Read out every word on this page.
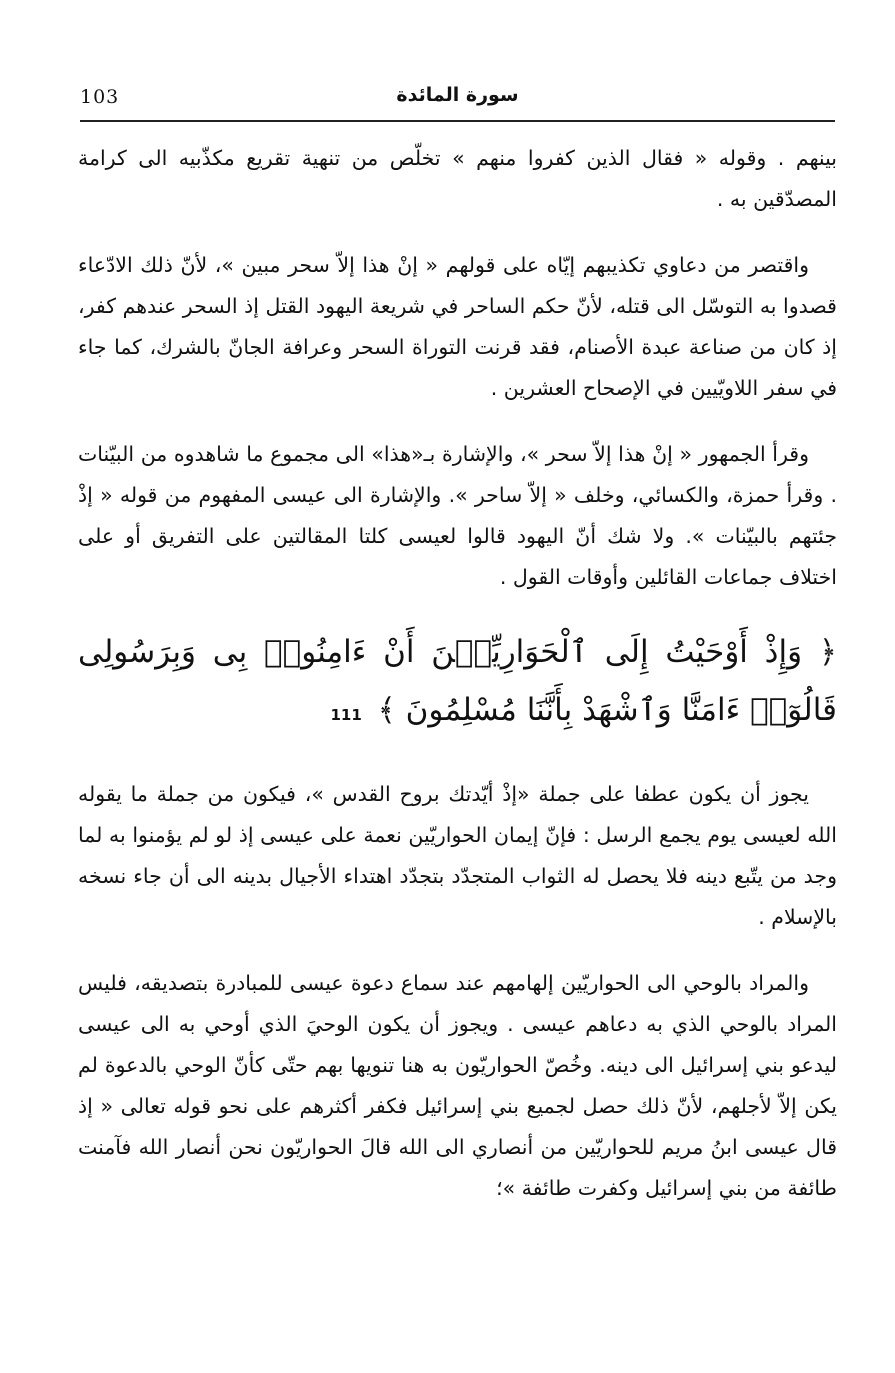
103	سورة المائدة

بينهم . وقوله « فقال الذين كفروا منهم » تخلّص من تنهية تقريع مكذّبيه الى كرامة المصدّقين به .

واقتصر من دعاوي تكذيبهم إيّاه على قولهم « إنْ هذا إلاّ سحر مبين »، لأنّ ذلك الادّعاء قصدوا به التوسّل الى قتله، لأنّ حكم الساحر في شريعة اليهود القتل إذ السحر عندهم كفر، إذ كان من صناعة عبدة الأصنام، فقد قرنت التوراة السحر وعرافة الجانّ بالشرك، كما جاء في سفر اللاويّيين في الإصحاح العشرين .

وقرأ الجمهور « إنْ هذا إلاّ سحر »، والإشارة بـ«هذا» الى مجموع ما شاهدوه من البيّنات . وقرأ حمزة، والكسائي، وخلف « إلاّ ساحر ». والإشارة الى عيسى المفهوم من قوله « إذْ جئتهم بالبيّنات ». ولا شك أنّ اليهود قالوا لعيسى كلتا المقالتين على التفريق أو على اختلاف جماعات القائلين وأوقات القول .

﴿ وَإِذْ أَوْحَيْتُ إِلَى ٱلْحَوَارِيِّـۧنَ أَنْ ءَامِنُوا۟ بِى وَبِرَسُولِى قَالُوٓا۟ ءَامَنَّا وَٱشْهَدْ بِأَنَّنَا مُسْلِمُونَ ﴾ 111

يجوز أن يكون عطفا على جملة «إذْ أيّدتك بروح القدس »، فيكون من جملة ما يقوله الله لعيسى يوم يجمع الرسل : فإنّ إيمان الحواريّين نعمة على عيسى إذ لو لم يؤمنوا به لما وجد من يتّبع دينه فلا يحصل له الثواب المتجدّد بتجدّد اهتداء الأجيال بدينه الى أن جاء نسخه بالإسلام .

والمراد بالوحي الى الحواريّين إلهامهم عند سماع دعوة عيسى للمبادرة بتصديقه، فليس المراد بالوحي الذي به دعاهم عيسى . ويجوز أن يكون الوحيَ الذي أوحي به الى عيسى ليدعو بني إسرائيل الى دينه. وخُصّ الحواريّون به هنا تنويها بهم حتّى كأنّ الوحي بالدعوة لم يكن إلاّ لأجلهم، لأنّ ذلك حصل لجميع بني إسرائيل فكفر أكثرهم على نحو قوله تعالى « إذ قال عيسى ابنُ مريم للحواريّين من أنصاري الى الله قالَ الحواريّون نحن أنصار الله فآمنت طائفة من بني إسرائيل وكفرت طائفة »؛
